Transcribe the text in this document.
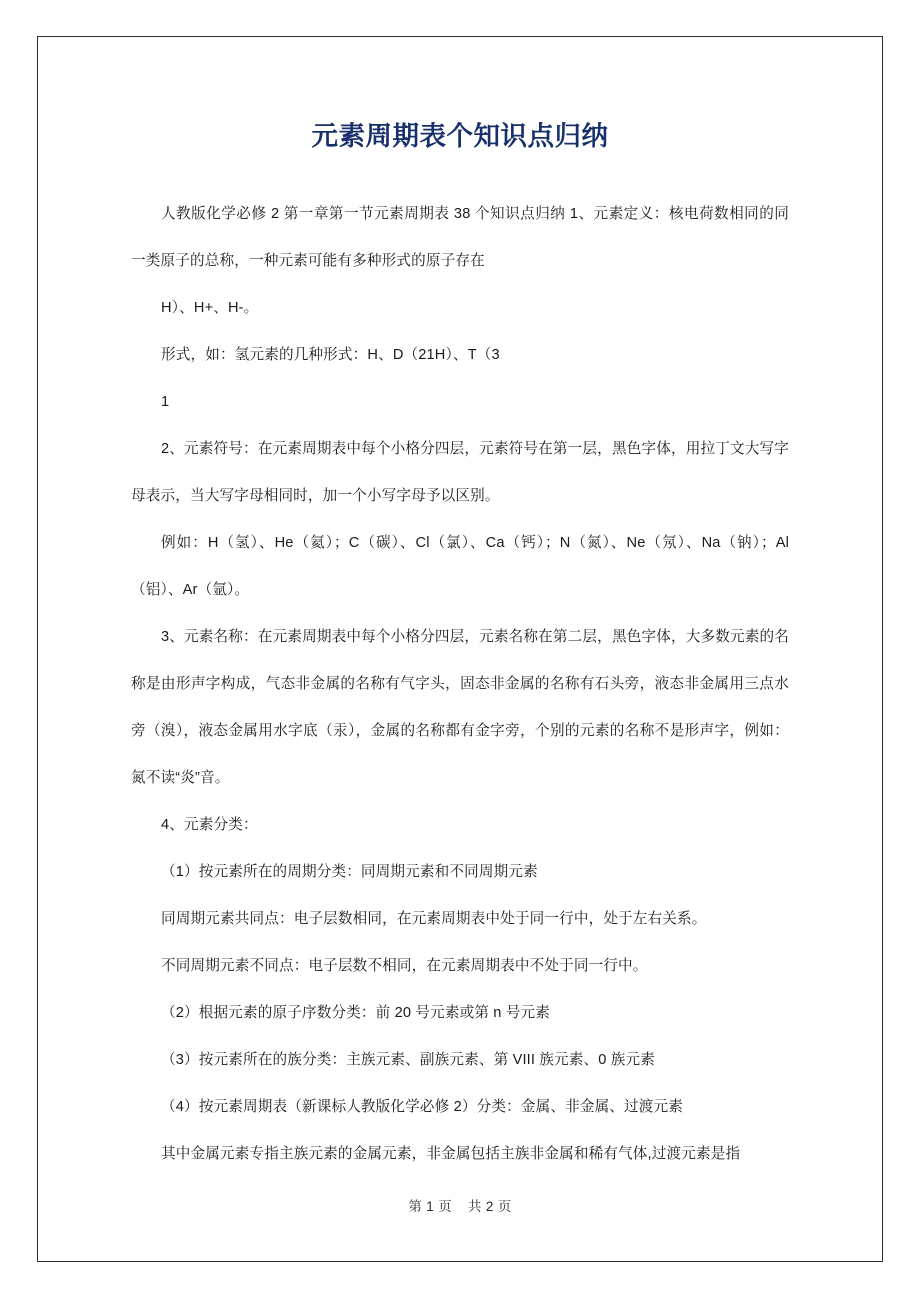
元素周期表个知识点归纳

人教版化学必修 2 第一章第一节元素周期表 38 个知识点归纳 1、元素定义：核电荷数相同的同一类原子的总称，一种元素可能有多种形式的原子存在

H）、H+、H-。

形式，如：氢元素的几种形式：H、D（21H）、T（3

1

2、元素符号：在元素周期表中每个小格分四层，元素符号在第一层，黑色字体，用拉丁文大写字母表示，当大写字母相同时，加一个小写字母予以区别。

例如：H（氢）、He（氦）；C（碳）、Cl（氯）、Ca（钙）；N（氮）、Ne（氖）、Na（钠）；Al（铝）、Ar（氩）。

3、元素名称：在元素周期表中每个小格分四层，元素名称在第二层，黑色字体，大多数元素的名称是由形声字构成，气态非金属的名称有气字头，固态非金属的名称有石头旁，液态非金属用三点水旁（溴），液态金属用水字底（汞），金属的名称都有金字旁，个别的元素的名称不是形声字，例如：氮不读“炎”音。

4、元素分类：

（1）按元素所在的周期分类：同周期元素和不同周期元素

同周期元素共同点：电子层数相同，在元素周期表中处于同一行中，处于左右关系。

不同周期元素不同点：电子层数不相同，在元素周期表中不处于同一行中。

（2）根据元素的原子序数分类：前 20 号元素或第 n 号元素

（3）按元素所在的族分类：主族元素、副族元素、第 VIII 族元素、0 族元素

（4）按元素周期表（新课标人教版化学必修 2）分类：金属、非金属、过渡元素

其中金属元素专指主族元素的金属元素，非金属包括主族非金属和稀有气体,过渡元素是指

第 1 页 共 2 页
